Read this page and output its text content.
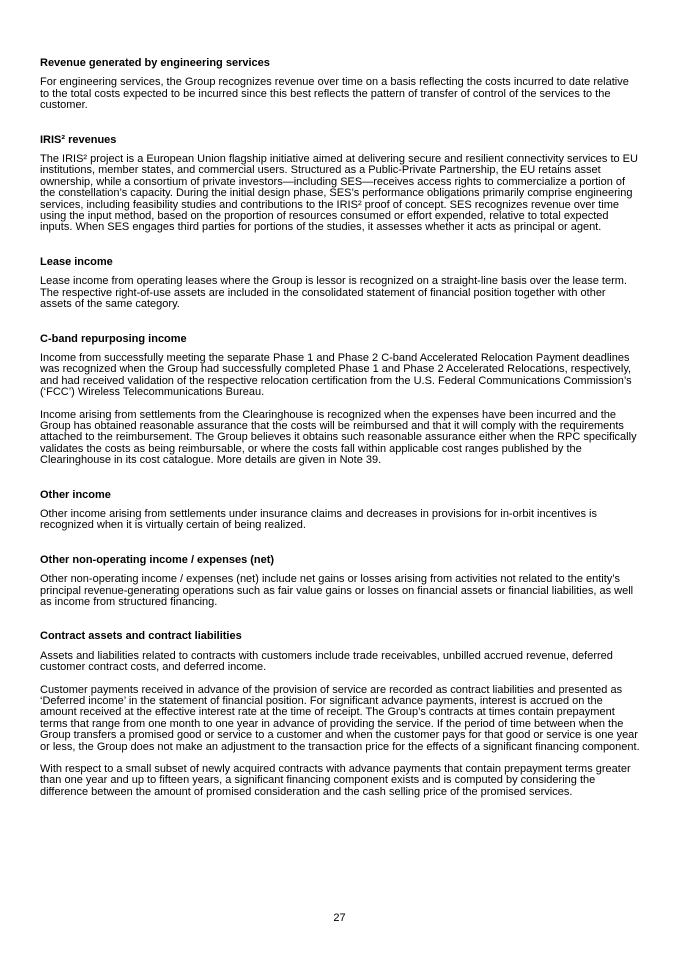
Revenue generated by engineering services

For engineering services, the Group recognizes revenue over time on a basis reflecting the costs incurred to date relative to the total costs expected to be incurred since this best reflects the pattern of transfer of control of the services to the customer.

IRIS² revenues

The IRIS² project is a European Union flagship initiative aimed at delivering secure and resilient connectivity services to EU institutions, member states, and commercial users. Structured as a Public-Private Partnership, the EU retains asset ownership, while a consortium of private investors—including SES—receives access rights to commercialize a portion of the constellation’s capacity. During the initial design phase, SES’s performance obligations primarily comprise engineering services, including feasibility studies and contributions to the IRIS² proof of concept. SES recognizes revenue over time using the input method, based on the proportion of resources consumed or effort expended, relative to total expected inputs. When SES engages third parties for portions of the studies, it assesses whether it acts as principal or agent.

Lease income

Lease income from operating leases where the Group is lessor is recognized on a straight-line basis over the lease term. The respective right-of-use assets are included in the consolidated statement of financial position together with other assets of the same category.

C-band repurposing income

Income from successfully meeting the separate Phase 1 and Phase 2 C-band Accelerated Relocation Payment deadlines was recognized when the Group had successfully completed Phase 1 and Phase 2 Accelerated Relocations, respectively, and had received validation of the respective relocation certification from the U.S. Federal Communications Commission’s (‘FCC’) Wireless Telecommunications Bureau.

Income arising from settlements from the Clearinghouse is recognized when the expenses have been incurred and the Group has obtained reasonable assurance that the costs will be reimbursed and that it will comply with the requirements attached to the reimbursement. The Group believes it obtains such reasonable assurance either when the RPC specifically validates the costs as being reimbursable, or where the costs fall within applicable cost ranges published by the Clearinghouse in its cost catalogue. More details are given in Note 39.

Other income

Other income arising from settlements under insurance claims and decreases in provisions for in-orbit incentives is recognized when it is virtually certain of being realized.

Other non-operating income / expenses (net)

Other non-operating income / expenses (net) include net gains or losses arising from activities not related to the entity’s principal revenue-generating operations such as fair value gains or losses on financial assets or financial liabilities, as well as income from structured financing.

Contract assets and contract liabilities

Assets and liabilities related to contracts with customers include trade receivables, unbilled accrued revenue, deferred customer contract costs, and deferred income.

Customer payments received in advance of the provision of service are recorded as contract liabilities and presented as ‘Deferred income’ in the statement of financial position. For significant advance payments, interest is accrued on the amount received at the effective interest rate at the time of receipt. The Group’s contracts at times contain prepayment terms that range from one month to one year in advance of providing the service. If the period of time between when the Group transfers a promised good or service to a customer and when the customer pays for that good or service is one year or less, the Group does not make an adjustment to the transaction price for the effects of a significant financing component.

With respect to a small subset of newly acquired contracts with advance payments that contain prepayment terms greater than one year and up to fifteen years, a significant financing component exists and is computed by considering the difference between the amount of promised consideration and the cash selling price of the promised services.

27
